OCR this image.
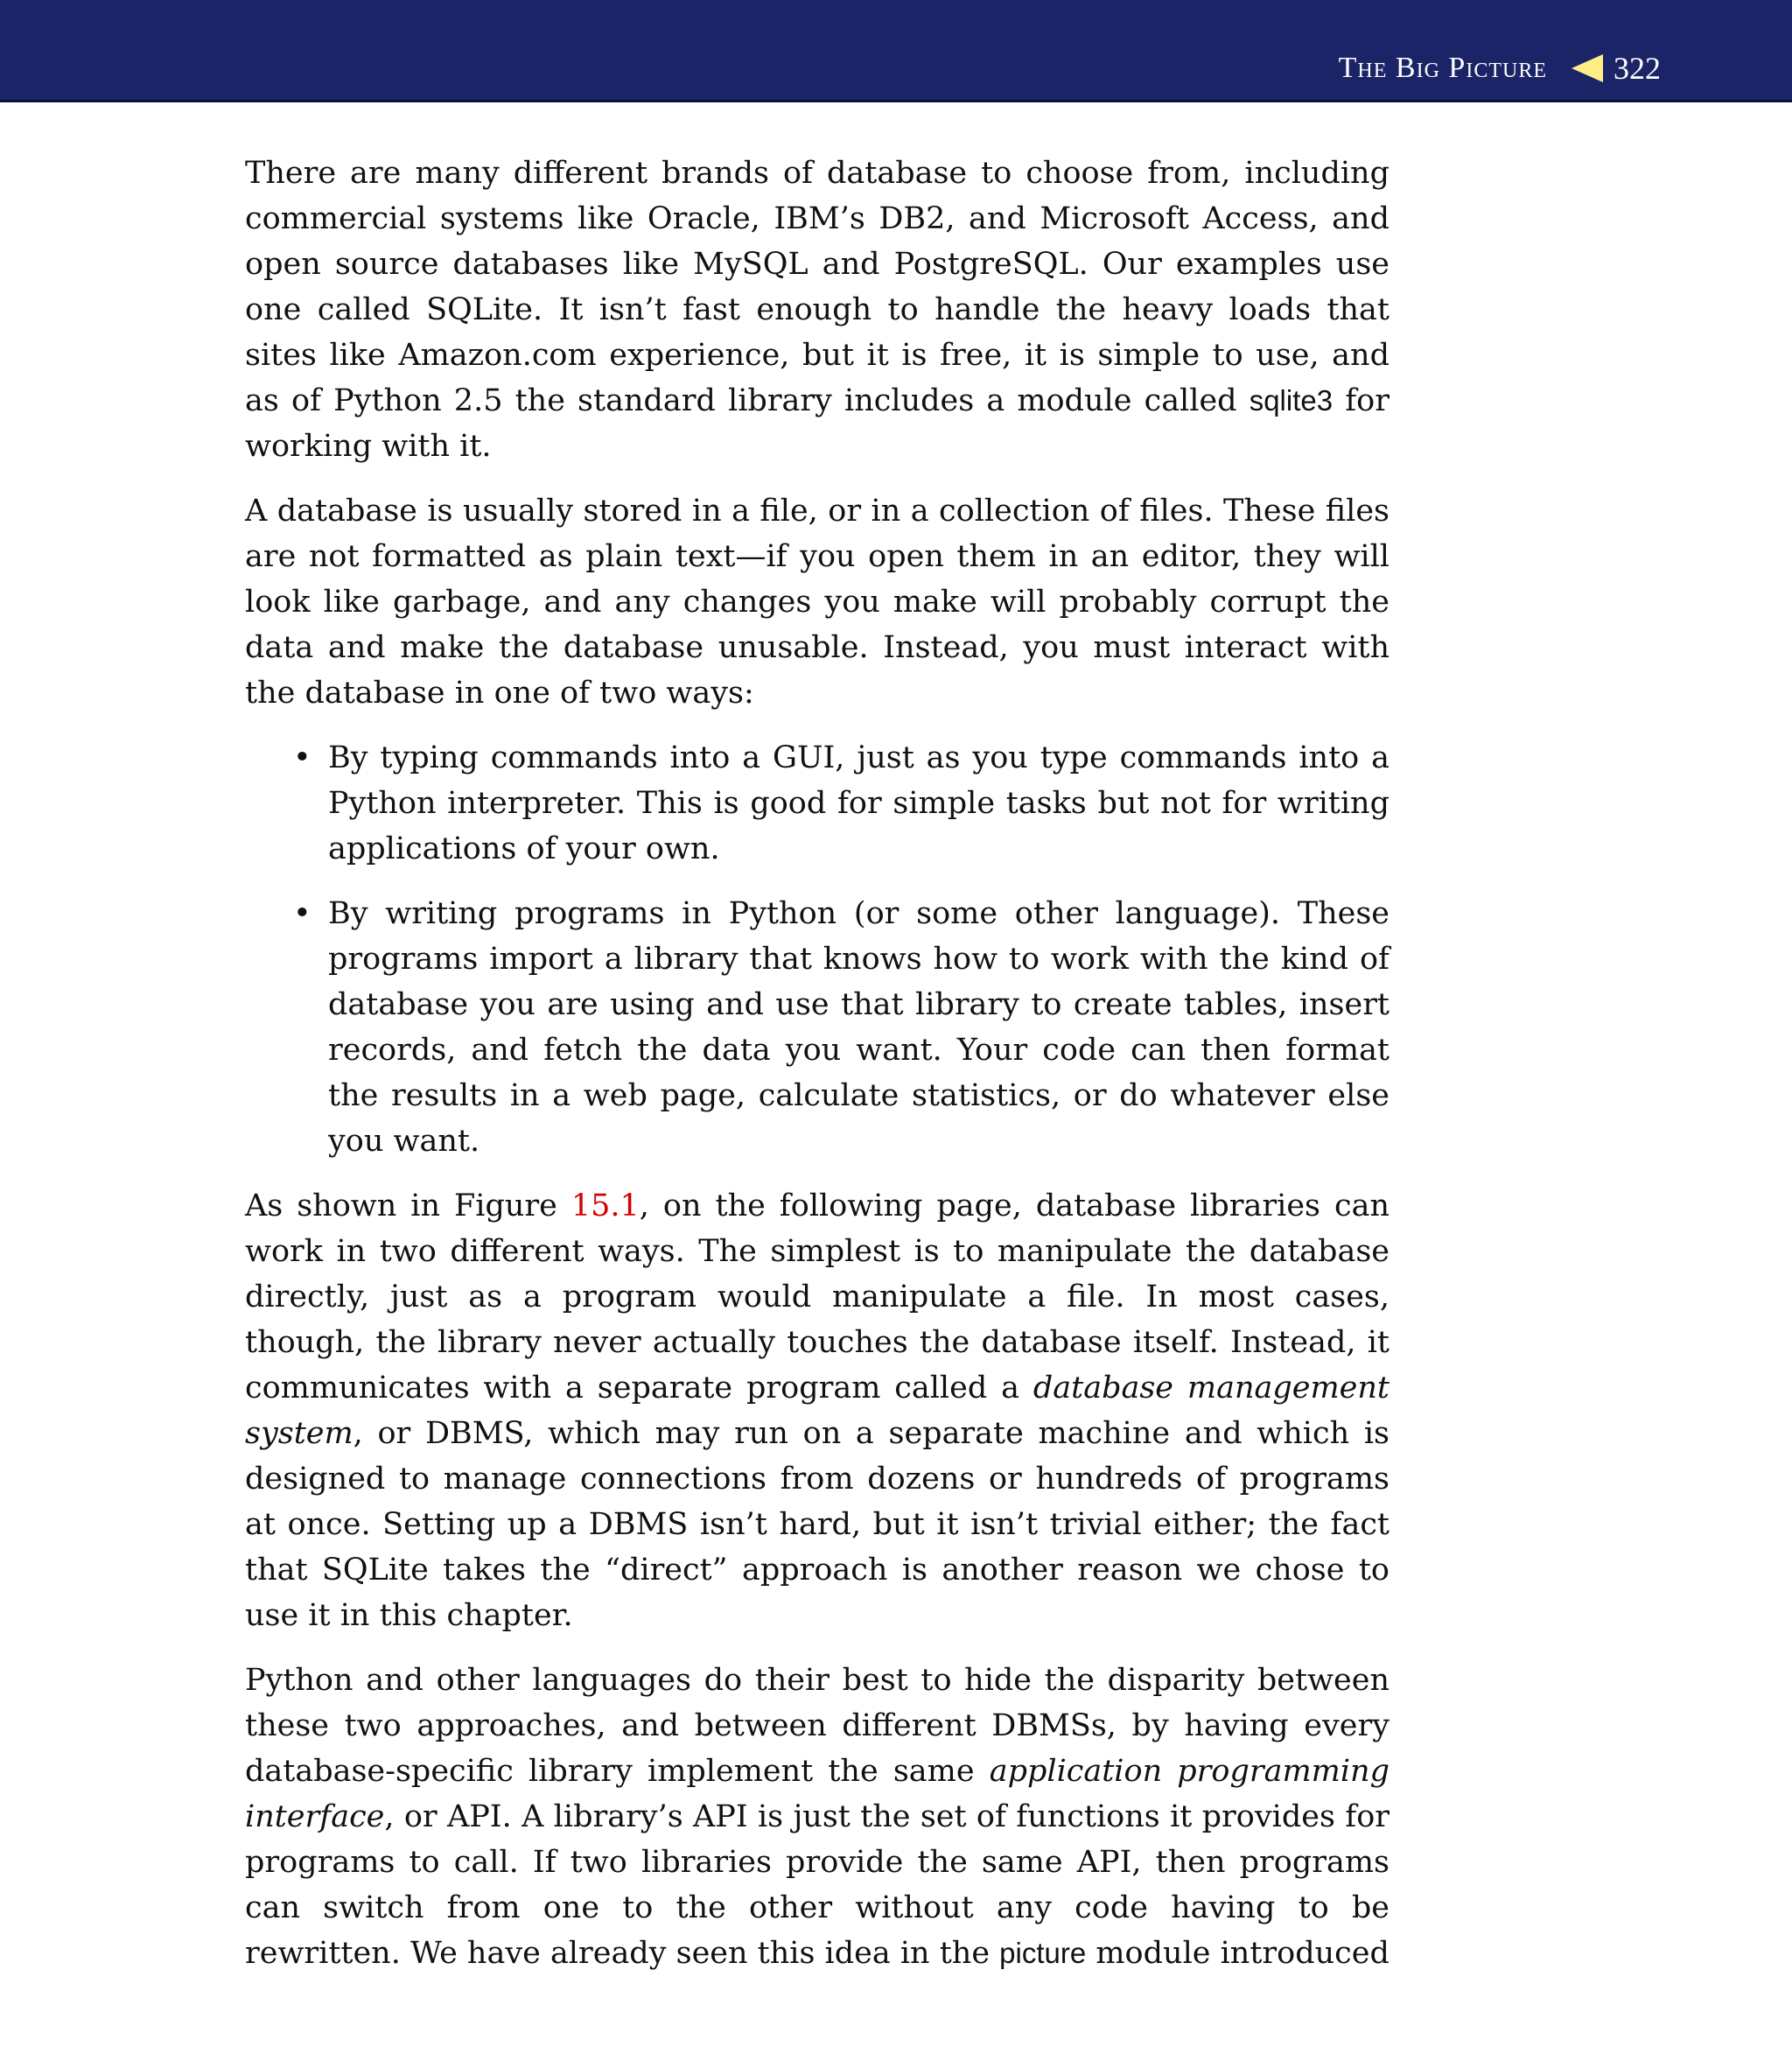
The Big Picture 322

There are many different brands of database to choose from, including commercial systems like Oracle, IBM’s DB2, and Microsoft Access, and open source databases like MySQL and PostgreSQL. Our examples use one called SQLite. It isn’t fast enough to handle the heavy loads that sites like Amazon.com experience, but it is free, it is simple to use, and as of Python 2.5 the standard library includes a module called sqlite3 for working with it.

A database is usually stored in a file, or in a collection of files. These files are not formatted as plain text—if you open them in an editor, they will look like garbage, and any changes you make will probably corrupt the data and make the database unusable. Instead, you must interact with the database in one of two ways:

• By typing commands into a GUI, just as you type commands into a Python interpreter. This is good for simple tasks but not for writing applications of your own.
• By writing programs in Python (or some other language). These programs import a library that knows how to work with the kind of database you are using and use that library to create tables, insert records, and fetch the data you want. Your code can then format the results in a web page, calculate statistics, or do whatever else you want.

As shown in Figure 15.1, on the following page, database libraries can work in two different ways. The simplest is to manipulate the database directly, just as a program would manipulate a file. In most cases, though, the library never actually touches the database itself. Instead, it communicates with a separate program called a database management system, or DBMS, which may run on a separate machine and which is designed to manage connections from dozens or hundreds of programs at once. Setting up a DBMS isn’t hard, but it isn’t trivial either; the fact that SQLite takes the “direct” approach is another reason we chose to use it in this chapter.

Python and other languages do their best to hide the disparity between these two approaches, and between different DBMSs, by having every database-specific library implement the same application programming interface, or API. A library’s API is just the set of functions it provides for programs to call. If two libraries provide the same API, then programs can switch from one to the other without any code having to be rewritten. We have already seen this idea in the picture module introduced
